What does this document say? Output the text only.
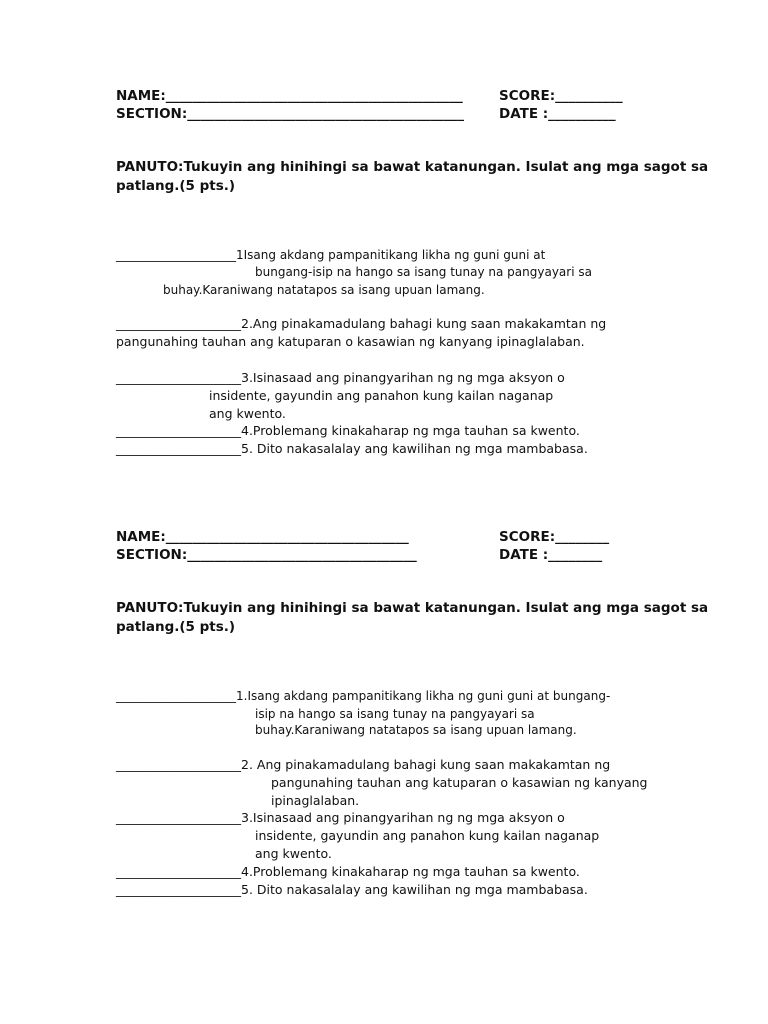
NAME:____________________________________________	SCORE:__________
SECTION:_________________________________________	DATE :__________
PANUTO:Tukuyin ang hinihingi sa bawat katanungan. Isulat ang mga sagot sa
patlang.(5 pts.)
____________________1Isang akdang pampanitikang likha ng guni guni at
bungang-isip na hango sa isang tunay na pangyayari sa
buhay.Karaniwang natatapos sa isang upuan lamang.
____________________2.Ang pinakamadulang bahagi kung saan makakamtan ng
pangunahing tauhan ang katuparan o kasawian ng kanyang ipinaglalaban.
____________________3.Isinasaad ang pinangyarihan ng ng mga aksyon o
insidente, gayundin ang panahon kung kailan naganap
ang kwento.
____________________4.Problemang kinakaharap ng mga tauhan sa kwento.
____________________5. Dito nakasalalay ang kawilihan ng mga mambabasa.
NAME:____________________________________	SCORE:________
SECTION:__________________________________	DATE :________
PANUTO:Tukuyin ang hinihingi sa bawat katanungan. Isulat ang mga sagot sa
patlang.(5 pts.)
____________________1.Isang akdang pampanitikang likha ng guni guni at bungang-
isip na hango sa isang tunay na pangyayari sa
buhay.Karaniwang natatapos sa isang upuan lamang.
____________________2. Ang pinakamadulang bahagi kung saan makakamtan ng
pangunahing tauhan ang katuparan o kasawian ng kanyang
ipinaglalaban.
____________________3.Isinasaad ang pinangyarihan ng ng mga aksyon o
insidente, gayundin ang panahon kung kailan naganap
ang kwento.
____________________4.Problemang kinakaharap ng mga tauhan sa kwento.
____________________5. Dito nakasalalay ang kawilihan ng mga mambabasa.
